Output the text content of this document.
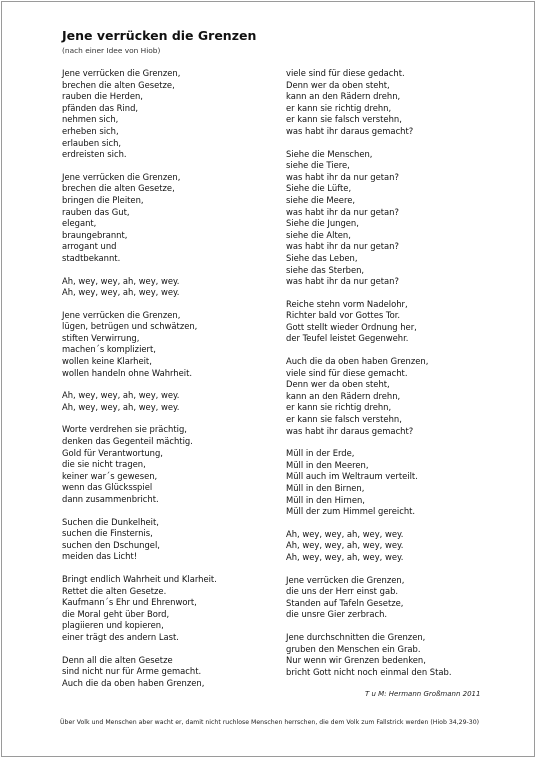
Jene verrücken die Grenzen
(nach einer Idee von Hiob)
Jene verrücken die Grenzen,
brechen die alten Gesetze,
rauben die Herden,
pfänden das Rind,
nehmen sich,
erheben sich,
erlauben sich,
erdreisten sich.
Jene verrücken die Grenzen,
brechen die alten Gesetze,
bringen die Pleiten,
rauben das Gut,
elegant,
braungebrannt,
arrogant und
stadtbekannt.
Ah, wey, wey, ah, wey, wey.
Ah, wey, wey, ah, wey, wey.
Jene verrücken die Grenzen,
lügen, betrügen und schwätzen,
stiften Verwirrung,
machen´s kompliziert,
wollen keine Klarheit,
wollen handeln ohne Wahrheit.
Ah, wey, wey, ah, wey, wey.
Ah, wey, wey, ah, wey, wey.
Worte verdrehen sie prächtig,
denken das Gegenteil mächtig.
Gold für Verantwortung,
die sie nicht tragen,
keiner war´s gewesen,
wenn das Glücksspiel
dann zusammenbricht.
Suchen die Dunkelheit,
suchen die Finsternis,
suchen den Dschungel,
meiden das Licht!
Bringt endlich Wahrheit und Klarheit.
Rettet die alten Gesetze.
Kaufmann´s Ehr und Ehrenwort,
die Moral geht über Bord,
plagiieren und kopieren,
einer trägt des andern Last.
Denn all die alten Gesetze
sind nicht nur für Arme gemacht.
Auch die da oben haben Grenzen,
viele sind für diese gedacht.
Denn wer da oben steht,
kann an den Rädern drehn,
er kann sie richtig drehn,
er kann sie falsch verstehn,
was habt ihr daraus gemacht?
Siehe die Menschen,
siehe die Tiere,
was habt ihr da nur getan?
Siehe die Lüfte,
siehe die Meere,
was habt ihr da nur getan?
Siehe die Jungen,
siehe die Alten,
was habt ihr da nur getan?
Siehe das Leben,
siehe das Sterben,
was habt ihr da nur getan?
Reiche stehn vorm Nadelohr,
Richter bald vor Gottes Tor.
Gott stellt wieder Ordnung her,
der Teufel leistet Gegenwehr.
Auch die da oben haben Grenzen,
viele sind für diese gemacht.
Denn wer da oben steht,
kann an den Rädern drehn,
er kann sie richtig drehn,
er kann sie falsch verstehn,
was habt ihr daraus gemacht?
Müll in der Erde,
Müll in den Meeren,
Müll auch im Weltraum verteilt.
Müll in den Birnen,
Müll in den Hirnen,
Müll der zum Himmel gereicht.
Ah, wey, wey, ah, wey, wey.
Ah, wey, wey, ah, wey, wey.
Ah, wey, wey, ah, wey, wey.
Jene verrücken die Grenzen,
die uns der Herr einst gab.
Standen auf Tafeln Gesetze,
die unsre Gier zerbrach.
Jene durchschnitten die Grenzen,
gruben den Menschen ein Grab.
Nur wenn wir Grenzen bedenken,
bricht Gott nicht noch einmal den Stab.
T u M: Hermann Großmann 2011
Über Volk und Menschen aber wacht er, damit nicht ruchlose Menschen herrschen, die dem Volk zum Fallstrick werden (Hiob 34,29-30)
